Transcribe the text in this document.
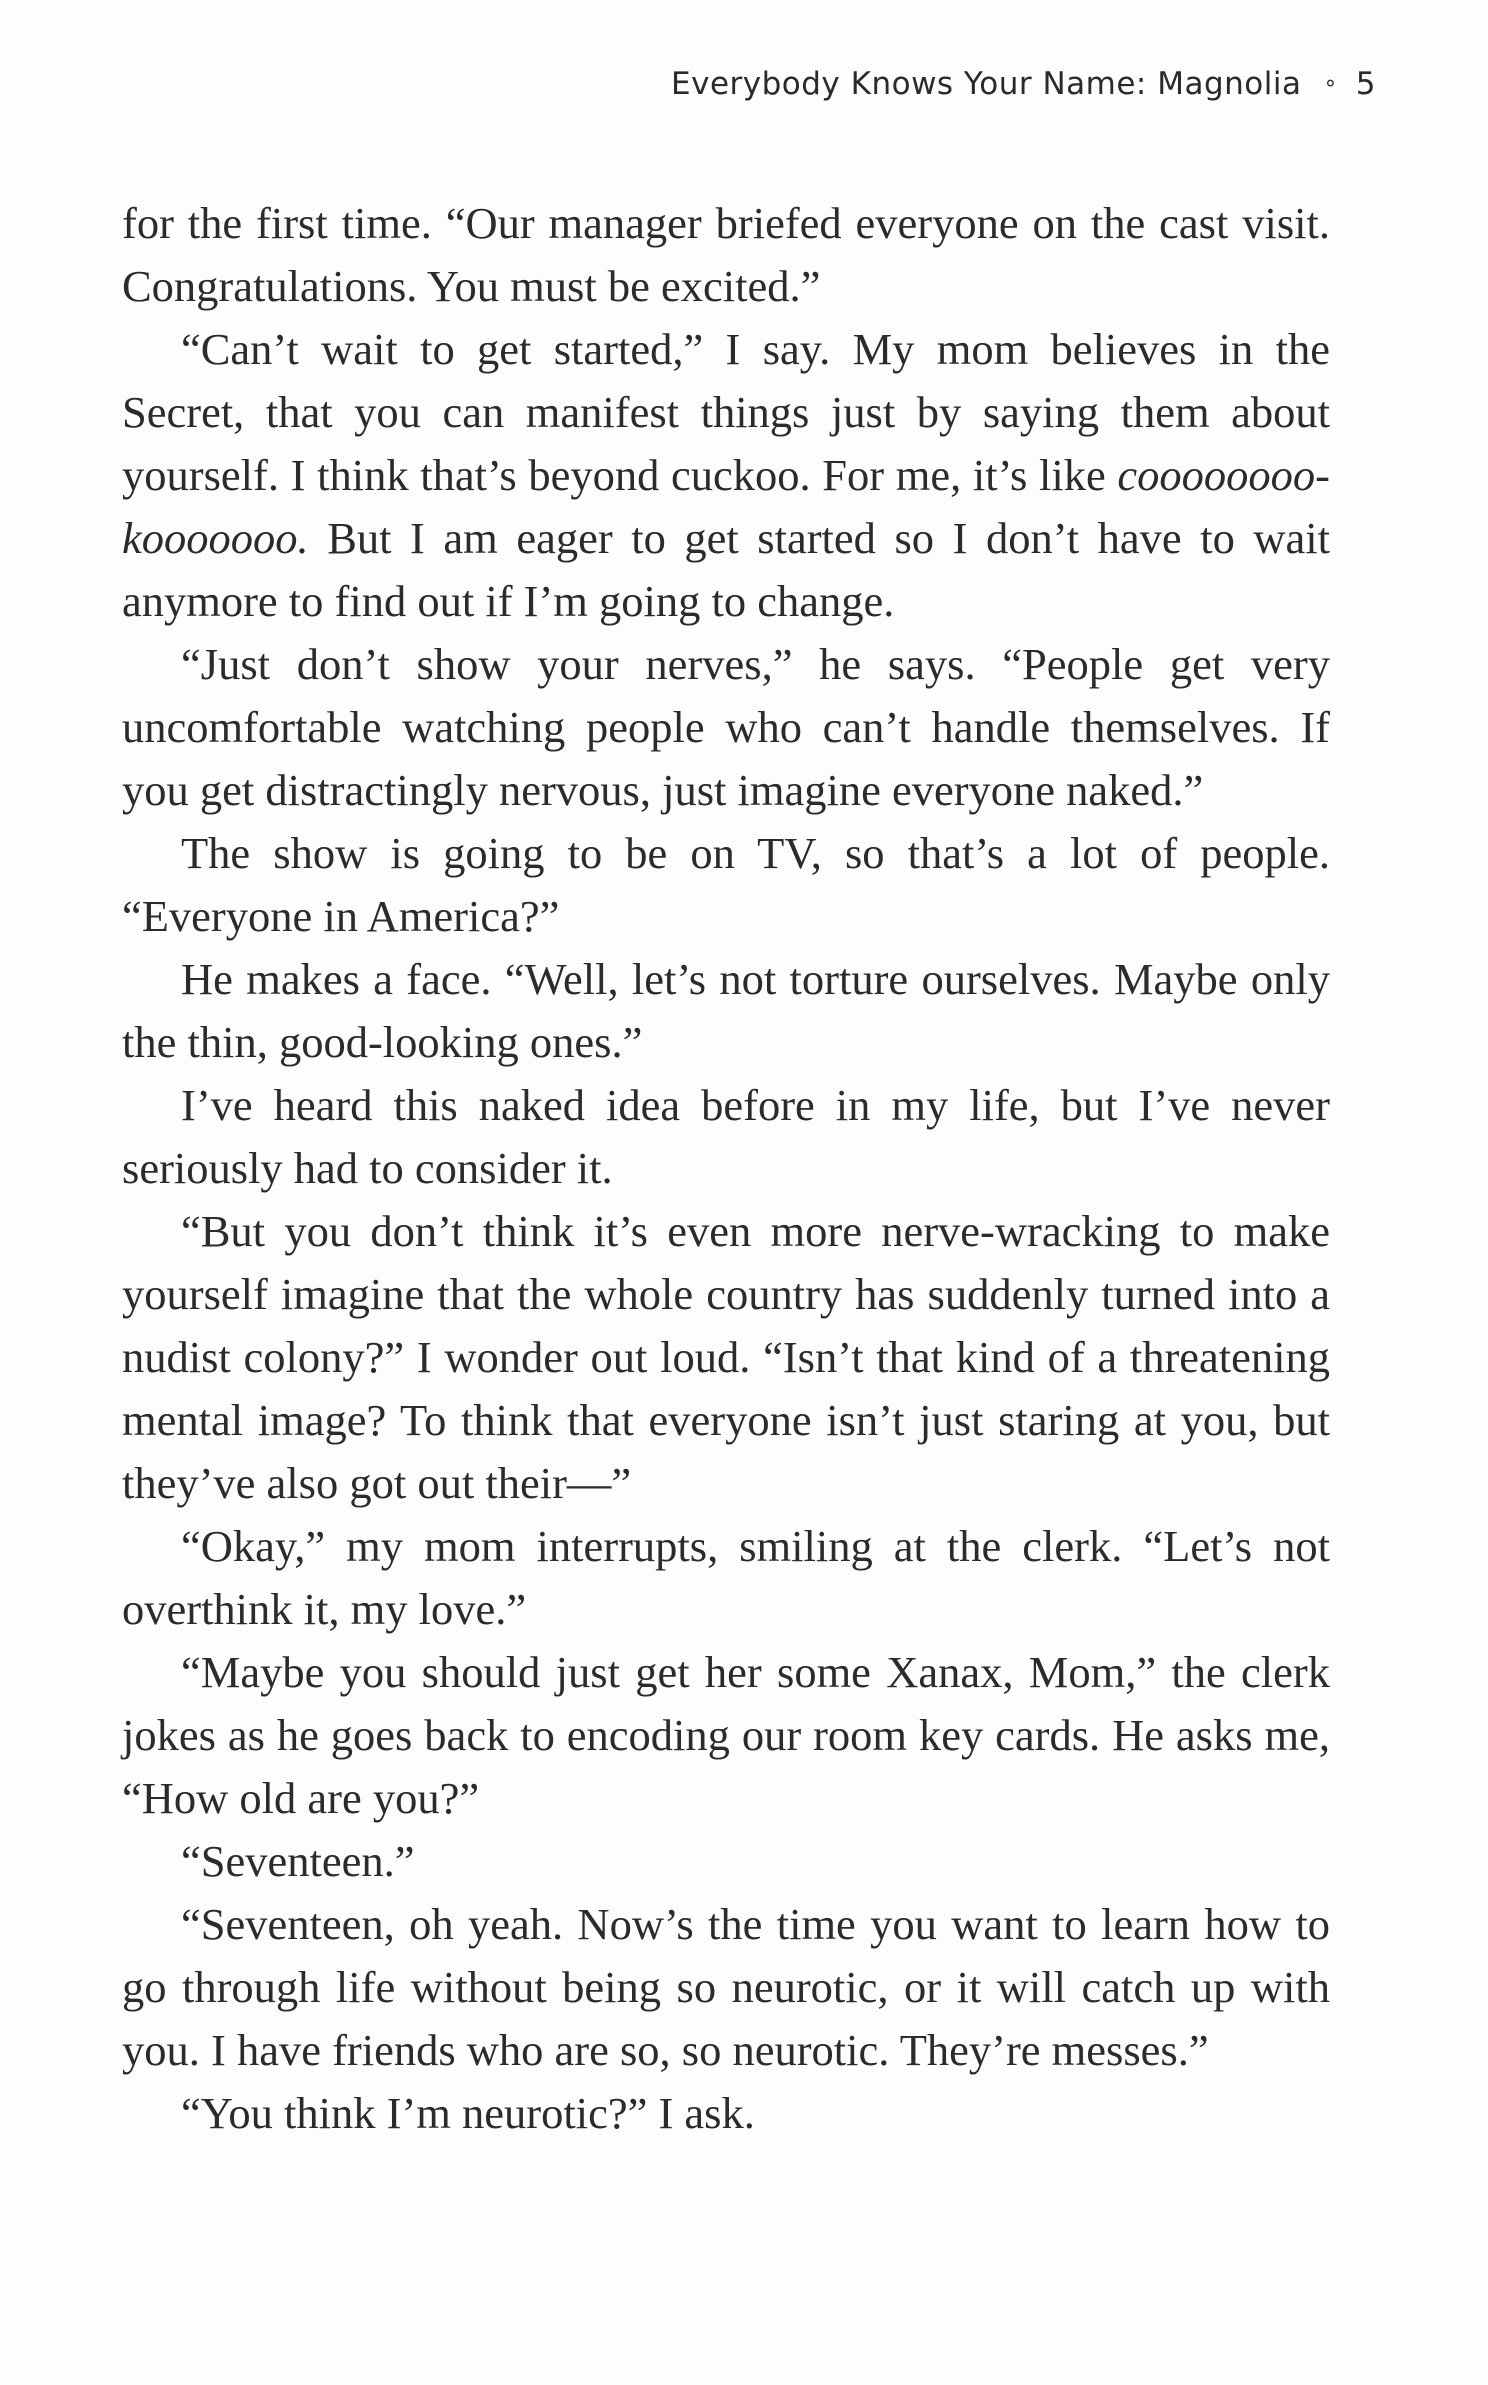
Everybody Knows Your Name: Magnolia ∘ 5

for the first time. “Our manager briefed everyone on the cast visit. Congratulations. You must be excited.”

“Can’t wait to get started,” I say. My mom believes in the Secret, that you can manifest things just by saying them about yourself. I think that’s beyond cuckoo. For me, it’s like coooooooo-kooooooo. But I am eager to get started so I don’t have to wait anymore to find out if I’m going to change.

“Just don’t show your nerves,” he says. “People get very uncomfortable watching people who can’t handle themselves. If you get distractingly nervous, just imagine everyone naked.”

The show is going to be on TV, so that’s a lot of people. “Everyone in America?”

He makes a face. “Well, let’s not torture ourselves. Maybe only the thin, good-looking ones.”

I’ve heard this naked idea before in my life, but I’ve never seriously had to consider it.

“But you don’t think it’s even more nerve-wracking to make yourself imagine that the whole country has suddenly turned into a nudist colony?” I wonder out loud. “Isn’t that kind of a threatening mental image? To think that everyone isn’t just staring at you, but they’ve also got out their—”

“Okay,” my mom interrupts, smiling at the clerk. “Let’s not overthink it, my love.”

“Maybe you should just get her some Xanax, Mom,” the clerk jokes as he goes back to encoding our room key cards. He asks me, “How old are you?”

“Seventeen.”

“Seventeen, oh yeah. Now’s the time you want to learn how to go through life without being so neurotic, or it will catch up with you. I have friends who are so, so neurotic. They’re messes.”

“You think I’m neurotic?” I ask.
